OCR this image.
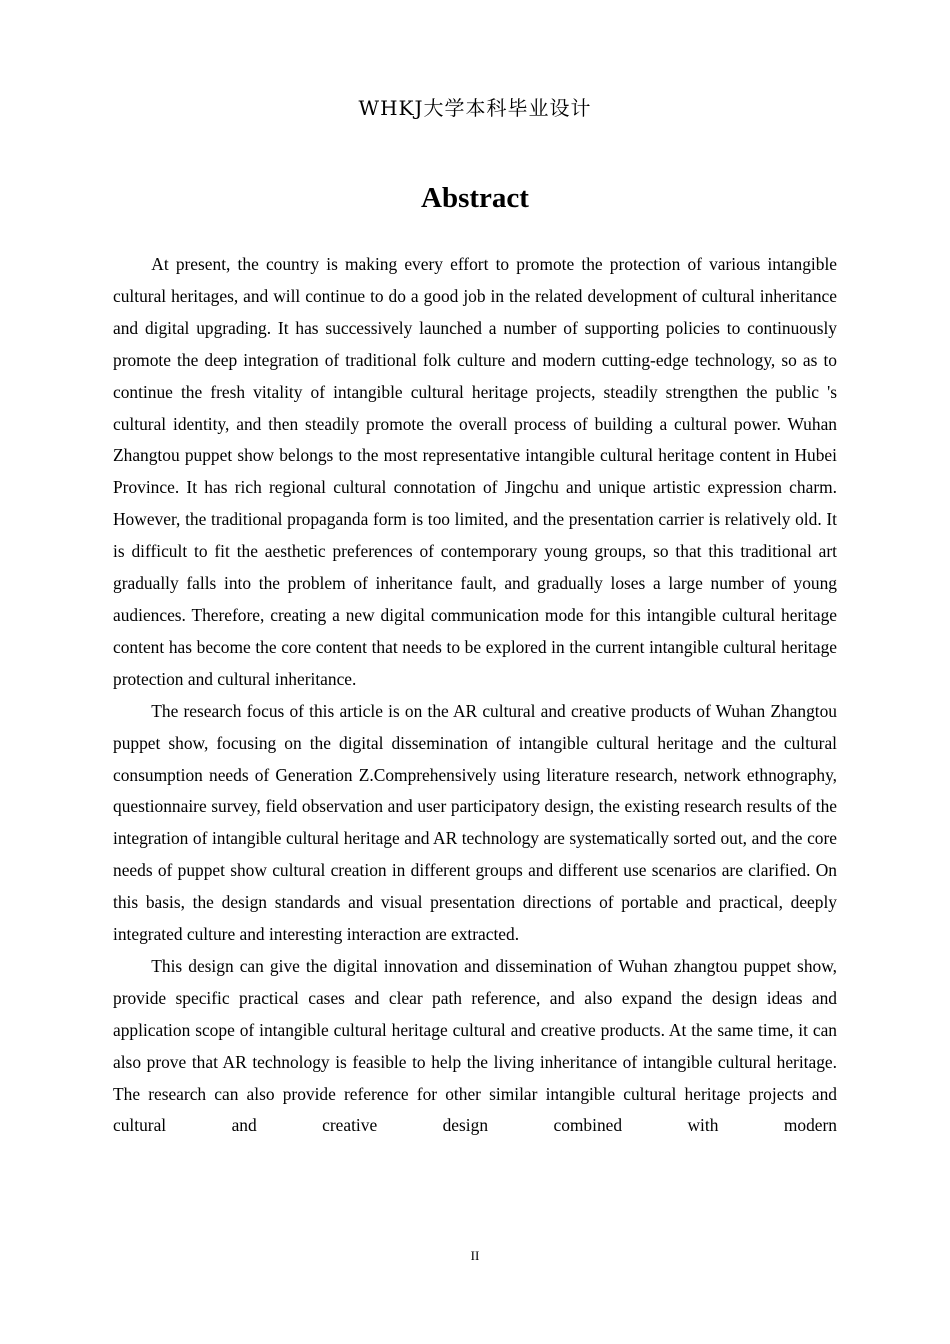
WHKJ大学本科毕业设计
Abstract

At present, the country is making every effort to promote the protection of various intangible cultural heritages, and will continue to do a good job in the related development of cultural inheritance and digital upgrading. It has successively launched a number of supporting policies to continuously promote the deep integration of traditional folk culture and modern cutting-edge technology, so as to continue the fresh vitality of intangible cultural heritage projects, steadily strengthen the public 's cultural identity, and then steadily promote the overall process of building a cultural power. Wuhan Zhangtou puppet show belongs to the most representative intangible cultural heritage content in Hubei Province. It has rich regional cultural connotation of Jingchu and unique artistic expression charm. However, the traditional propaganda form is too limited, and the presentation carrier is relatively old. It is difficult to fit the aesthetic preferences of contemporary young groups, so that this traditional art gradually falls into the problem of inheritance fault, and gradually loses a large number of young audiences. Therefore, creating a new digital communication mode for this intangible cultural heritage content has become the core content that needs to be explored in the current intangible cultural heritage protection and cultural inheritance.

The research focus of this article is on the AR cultural and creative products of Wuhan Zhangtou puppet show, focusing on the digital dissemination of intangible cultural heritage and the cultural consumption needs of Generation Z.Comprehensively using literature research, network ethnography, questionnaire survey, field observation and user participatory design, the existing research results of the integration of intangible cultural heritage and AR technology are systematically sorted out, and the core needs of puppet show cultural creation in different groups and different use scenarios are clarified. On this basis, the design standards and visual presentation directions of portable and practical, deeply integrated culture and interesting interaction are extracted.

This design can give the digital innovation and dissemination of Wuhan zhangtou puppet show, provide specific practical cases and clear path reference, and also expand the design ideas and application scope of intangible cultural heritage cultural and creative products. At the same time, it can also prove that AR technology is feasible to help the living inheritance of intangible cultural heritage. The research can also provide reference for other similar intangible cultural heritage projects and cultural and creative design combined with modern

II
